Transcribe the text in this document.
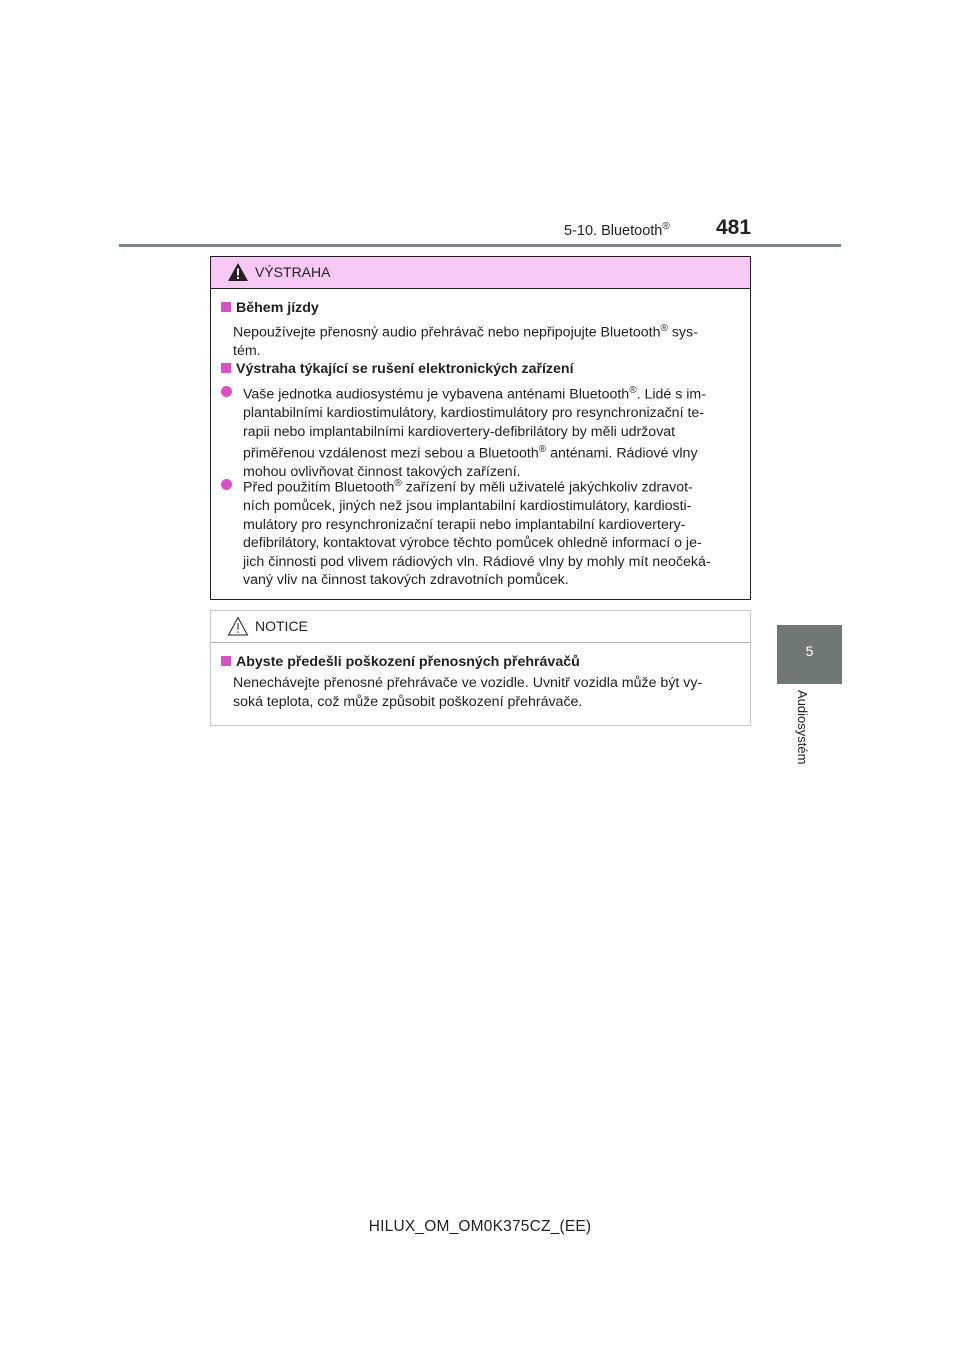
5-10. Bluetooth® 481
5
Audiosystém
VÝSTRAHA
Během jízdy
Nepoužívejte přenosný audio přehrávač nebo nepřipojujte Bluetooth® sys-
tém.
Výstraha týkající se rušení elektronických zařízení
Vaše jednotka audiosystému je vybavena anténami Bluetooth®. Lidé s im-
plantabilními kardiostimulátory, kardiostimulátory pro resynchronizační te-
rapii nebo implantabilními kardiovertery-defibrilátory by měli udržovat
přiměřenou vzdálenost mezi sebou a Bluetooth® anténami. Rádiové vlny
mohou ovlivňovat činnost takových zařízení.
Před použitím Bluetooth® zařízení by měli uživatelé jakýchkoliv zdravot-
ních pomůcek, jiných než jsou implantabilní kardiostimulátory, kardiosti-
mulátory pro resynchronizační terapii nebo implantabilní kardiovertery-
defibrilátory, kontaktovat výrobce těchto pomůcek ohledně informací o je-
jich činnosti pod vlivem rádiových vln. Rádiové vlny by mohly mít neočeká-
vaný vliv na činnost takových zdravotních pomůcek.
NOTICE
Abyste předešli poškození přenosných přehrávačů
Nenechávejte přenosné přehrávače ve vozidle. Uvnitř vozidla může být vy-
soká teplota, což může způsobit poškození přehrávače.
HILUX_OM_OM0K375CZ_(EE)
